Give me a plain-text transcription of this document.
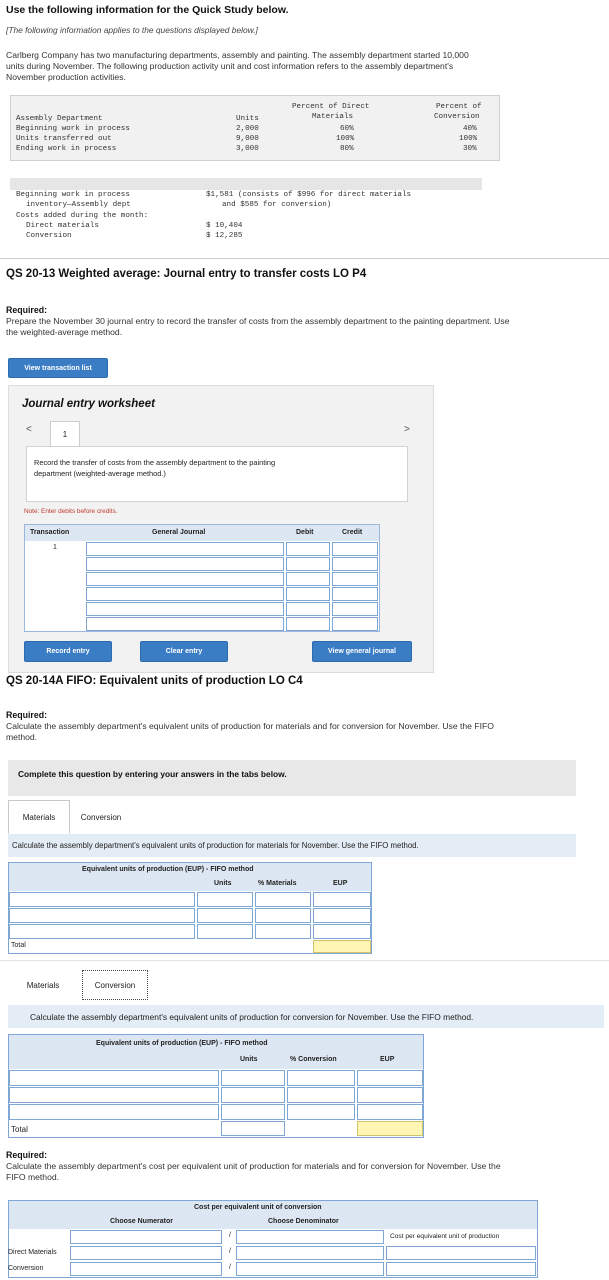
Use the following information for the Quick Study below.
[The following information applies to the questions displayed below.]
Carlberg Company has two manufacturing departments, assembly and painting. The assembly department started 10,000
units during November. The following production activity unit and cost information refers to the assembly department's
November production activities.
Percent of Direct
Materials
Percent of
Conversion
Assembly Department	Units
Beginning work in process	2,000	60%	40%
Units transferred out	9,000	100%	100%
Ending work in process	3,000	80%	30%
Beginning work in process
inventory—Assembly dept
$1,581 (consists of $996 for direct materials
and $585 for conversion)
Costs added during the month:
Direct materials	$ 10,404
Conversion	$ 12,285
QS 20-13 Weighted average: Journal entry to transfer costs LO P4
Required:
Prepare the November 30 journal entry to record the transfer of costs from the assembly department to the painting department. Use
the weighted-average method.
View transaction list
Journal entry worksheet
<	1	>
Record the transfer of costs from the assembly department to the painting
department (weighted-average method.)
Note: Enter debits before credits.
Transaction	General Journal	Debit	Credit
1
Record entry	Clear entry	View general journal
QS 20-14A FIFO: Equivalent units of production LO C4
Required:
Calculate the assembly department's equivalent units of production for materials and for conversion for November. Use the FIFO
method.
Complete this question by entering your answers in the tabs below.
Materials	Conversion
Calculate the assembly department's equivalent units of production for materials for November. Use the FIFO method.
Equivalent units of production (EUP) - FIFO method
Units	% Materials	EUP
Total
Materials	Conversion
Calculate the assembly department's equivalent units of production for conversion for November. Use the FIFO method.
Equivalent units of production (EUP) - FIFO method
Units	% Conversion	EUP
Total
Required:
Calculate the assembly department's cost per equivalent unit of production for materials and for conversion for November. Use the
FIFO method.
Cost per equivalent unit of conversion
Choose Numerator	Choose Denominator
Cost per equivalent unit of production
/
Direct Materials	/
Conversion	/
